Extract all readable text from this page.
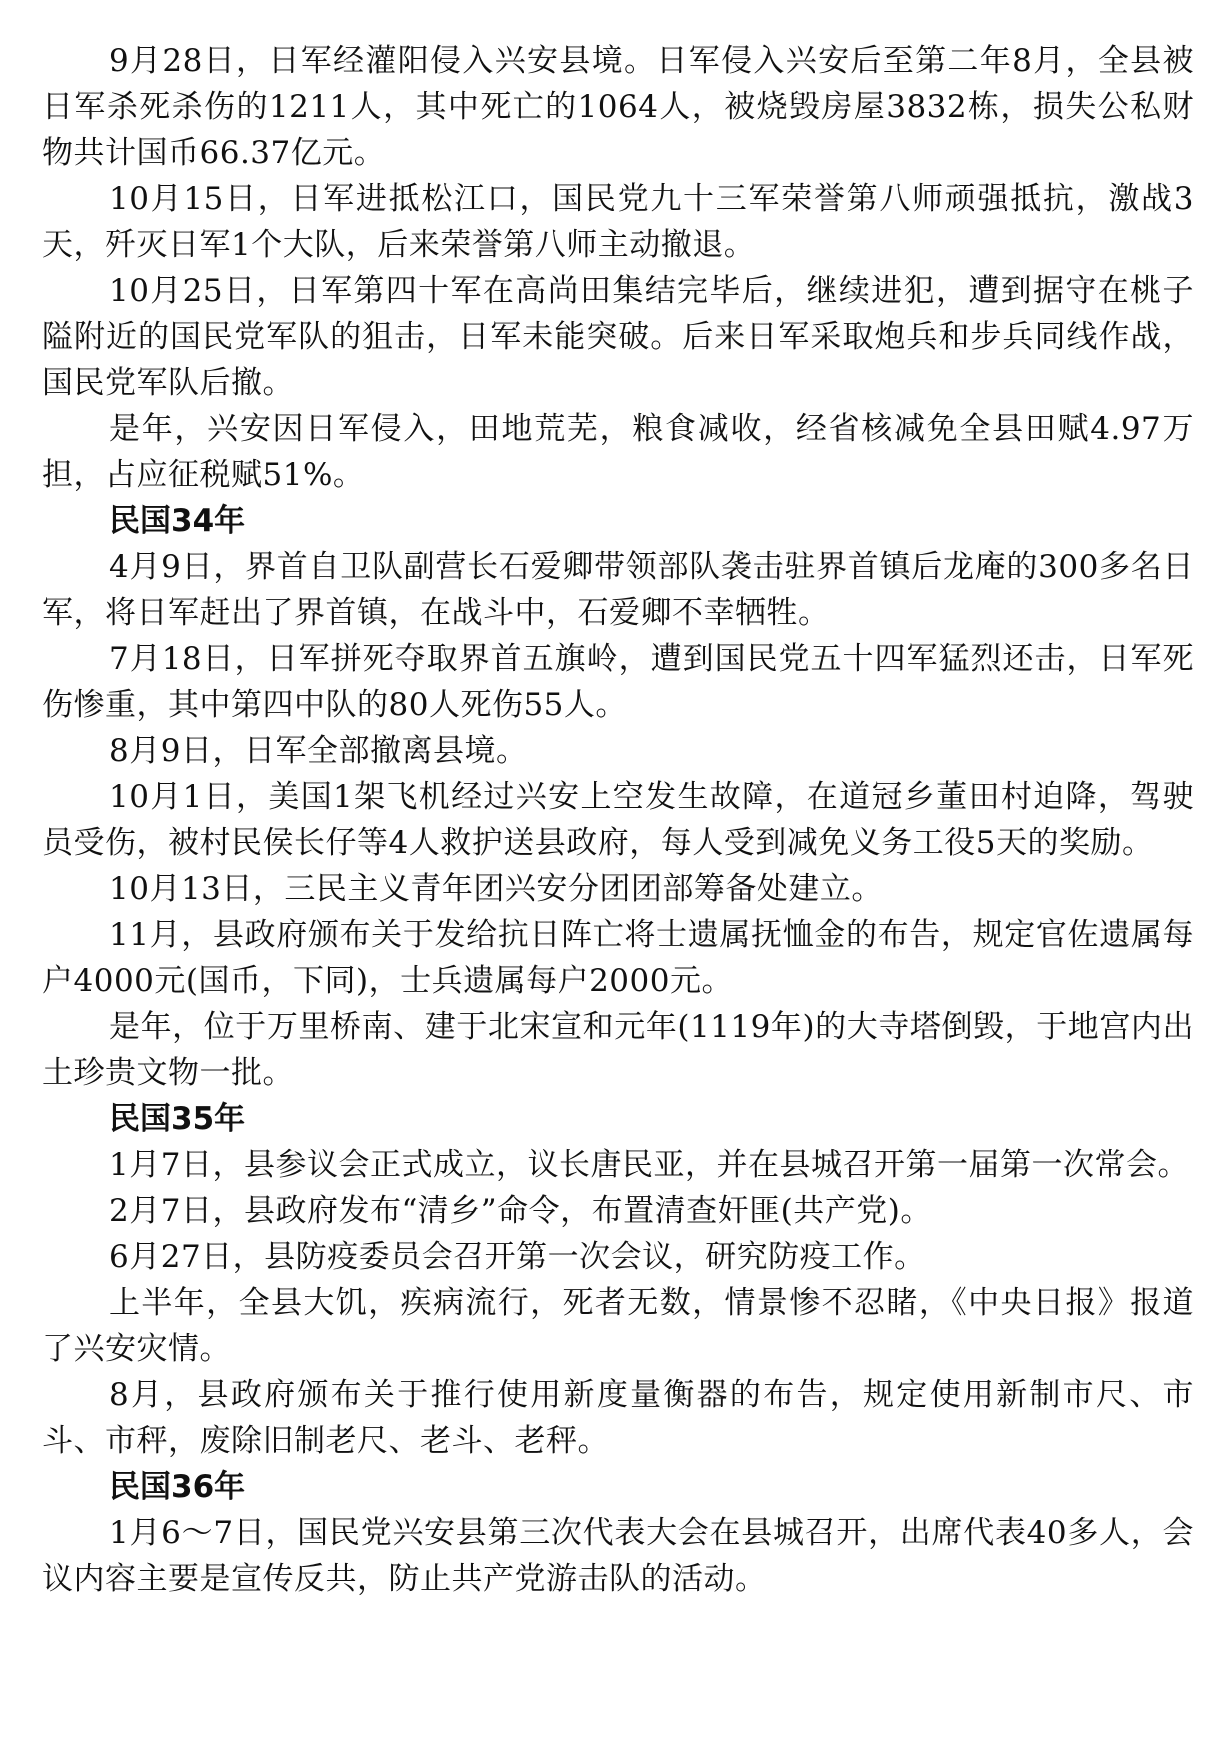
9月28日，日军经灌阳侵入兴安县境。日军侵入兴安后至第二年8月，全县被日军杀死杀伤的1211人，其中死亡的1064人，被烧毁房屋3832栋，损失公私财物共计国币66.37亿元。

10月15日，日军进抵松江口，国民党九十三军荣誉第八师顽强抵抗，激战3天，歼灭日军1个大队，后来荣誉第八师主动撤退。

10月25日，日军第四十军在高尚田集结完毕后，继续进犯，遭到据守在桃子隘附近的国民党军队的狙击，日军未能突破。后来日军采取炮兵和步兵同线作战，国民党军队后撤。

是年，兴安因日军侵入，田地荒芜，粮食减收，经省核减免全县田赋4.97万担，占应征税赋51%。

民国34年

4月9日，界首自卫队副营长石爱卿带领部队袭击驻界首镇后龙庵的300多名日军，将日军赶出了界首镇，在战斗中，石爱卿不幸牺牲。

7月18日，日军拼死夺取界首五旗岭，遭到国民党五十四军猛烈还击，日军死伤惨重，其中第四中队的80人死伤55人。

8月9日，日军全部撤离县境。

10月1日，美国1架飞机经过兴安上空发生故障，在道冠乡董田村迫降，驾驶员受伤，被村民侯长仔等4人救护送县政府，每人受到减免义务工役5天的奖励。

10月13日，三民主义青年团兴安分团团部筹备处建立。

11月，县政府颁布关于发给抗日阵亡将士遗属抚恤金的布告，规定官佐遗属每户4000元(国币，下同)，士兵遗属每户2000元。

是年，位于万里桥南、建于北宋宣和元年(1119年)的大寺塔倒毁，于地宫内出土珍贵文物一批。

民国35年

1月7日，县参议会正式成立，议长唐民亚，并在县城召开第一届第一次常会。

2月7日，县政府发布“清乡”命令，布置清查奸匪(共产党)。

6月27日，县防疫委员会召开第一次会议，研究防疫工作。

上半年，全县大饥，疾病流行，死者无数，情景惨不忍睹，《中央日报》报道了兴安灾情。

8月，县政府颁布关于推行使用新度量衡器的布告，规定使用新制市尺、市斗、市秤，废除旧制老尺、老斗、老秤。

民国36年

1月6～7日，国民党兴安县第三次代表大会在县城召开，出席代表40多人，会议内容主要是宣传反共，防止共产党游击队的活动。
